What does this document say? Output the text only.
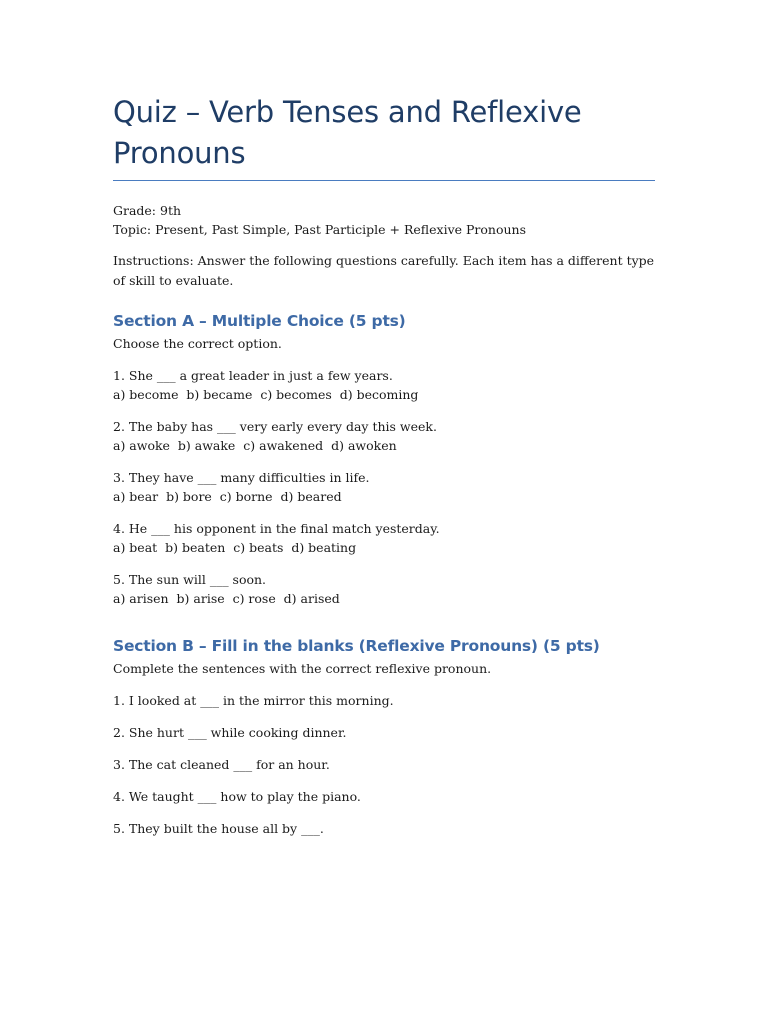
Quiz – Verb Tenses and Reflexive Pronouns
Grade: 9th
Topic: Present, Past Simple, Past Participle + Reflexive Pronouns
Instructions: Answer the following questions carefully. Each item has a different type of skill to evaluate.
Section A – Multiple Choice (5 pts)
Choose the correct option.
1. She ___ a great leader in just a few years.
a) become  b) became  c) becomes  d) becoming
2. The baby has ___ very early every day this week.
a) awoke  b) awake  c) awakened  d) awoken
3. They have ___ many difficulties in life.
a) bear  b) bore  c) borne  d) beared
4. He ___ his opponent in the final match yesterday.
a) beat  b) beaten  c) beats  d) beating
5. The sun will ___ soon.
a) arisen  b) arise  c) rose  d) arised
Section B – Fill in the blanks (Reflexive Pronouns) (5 pts)
Complete the sentences with the correct reflexive pronoun.
1. I looked at ___ in the mirror this morning.
2. She hurt ___ while cooking dinner.
3. The cat cleaned ___ for an hour.
4. We taught ___ how to play the piano.
5. They built the house all by ___.
